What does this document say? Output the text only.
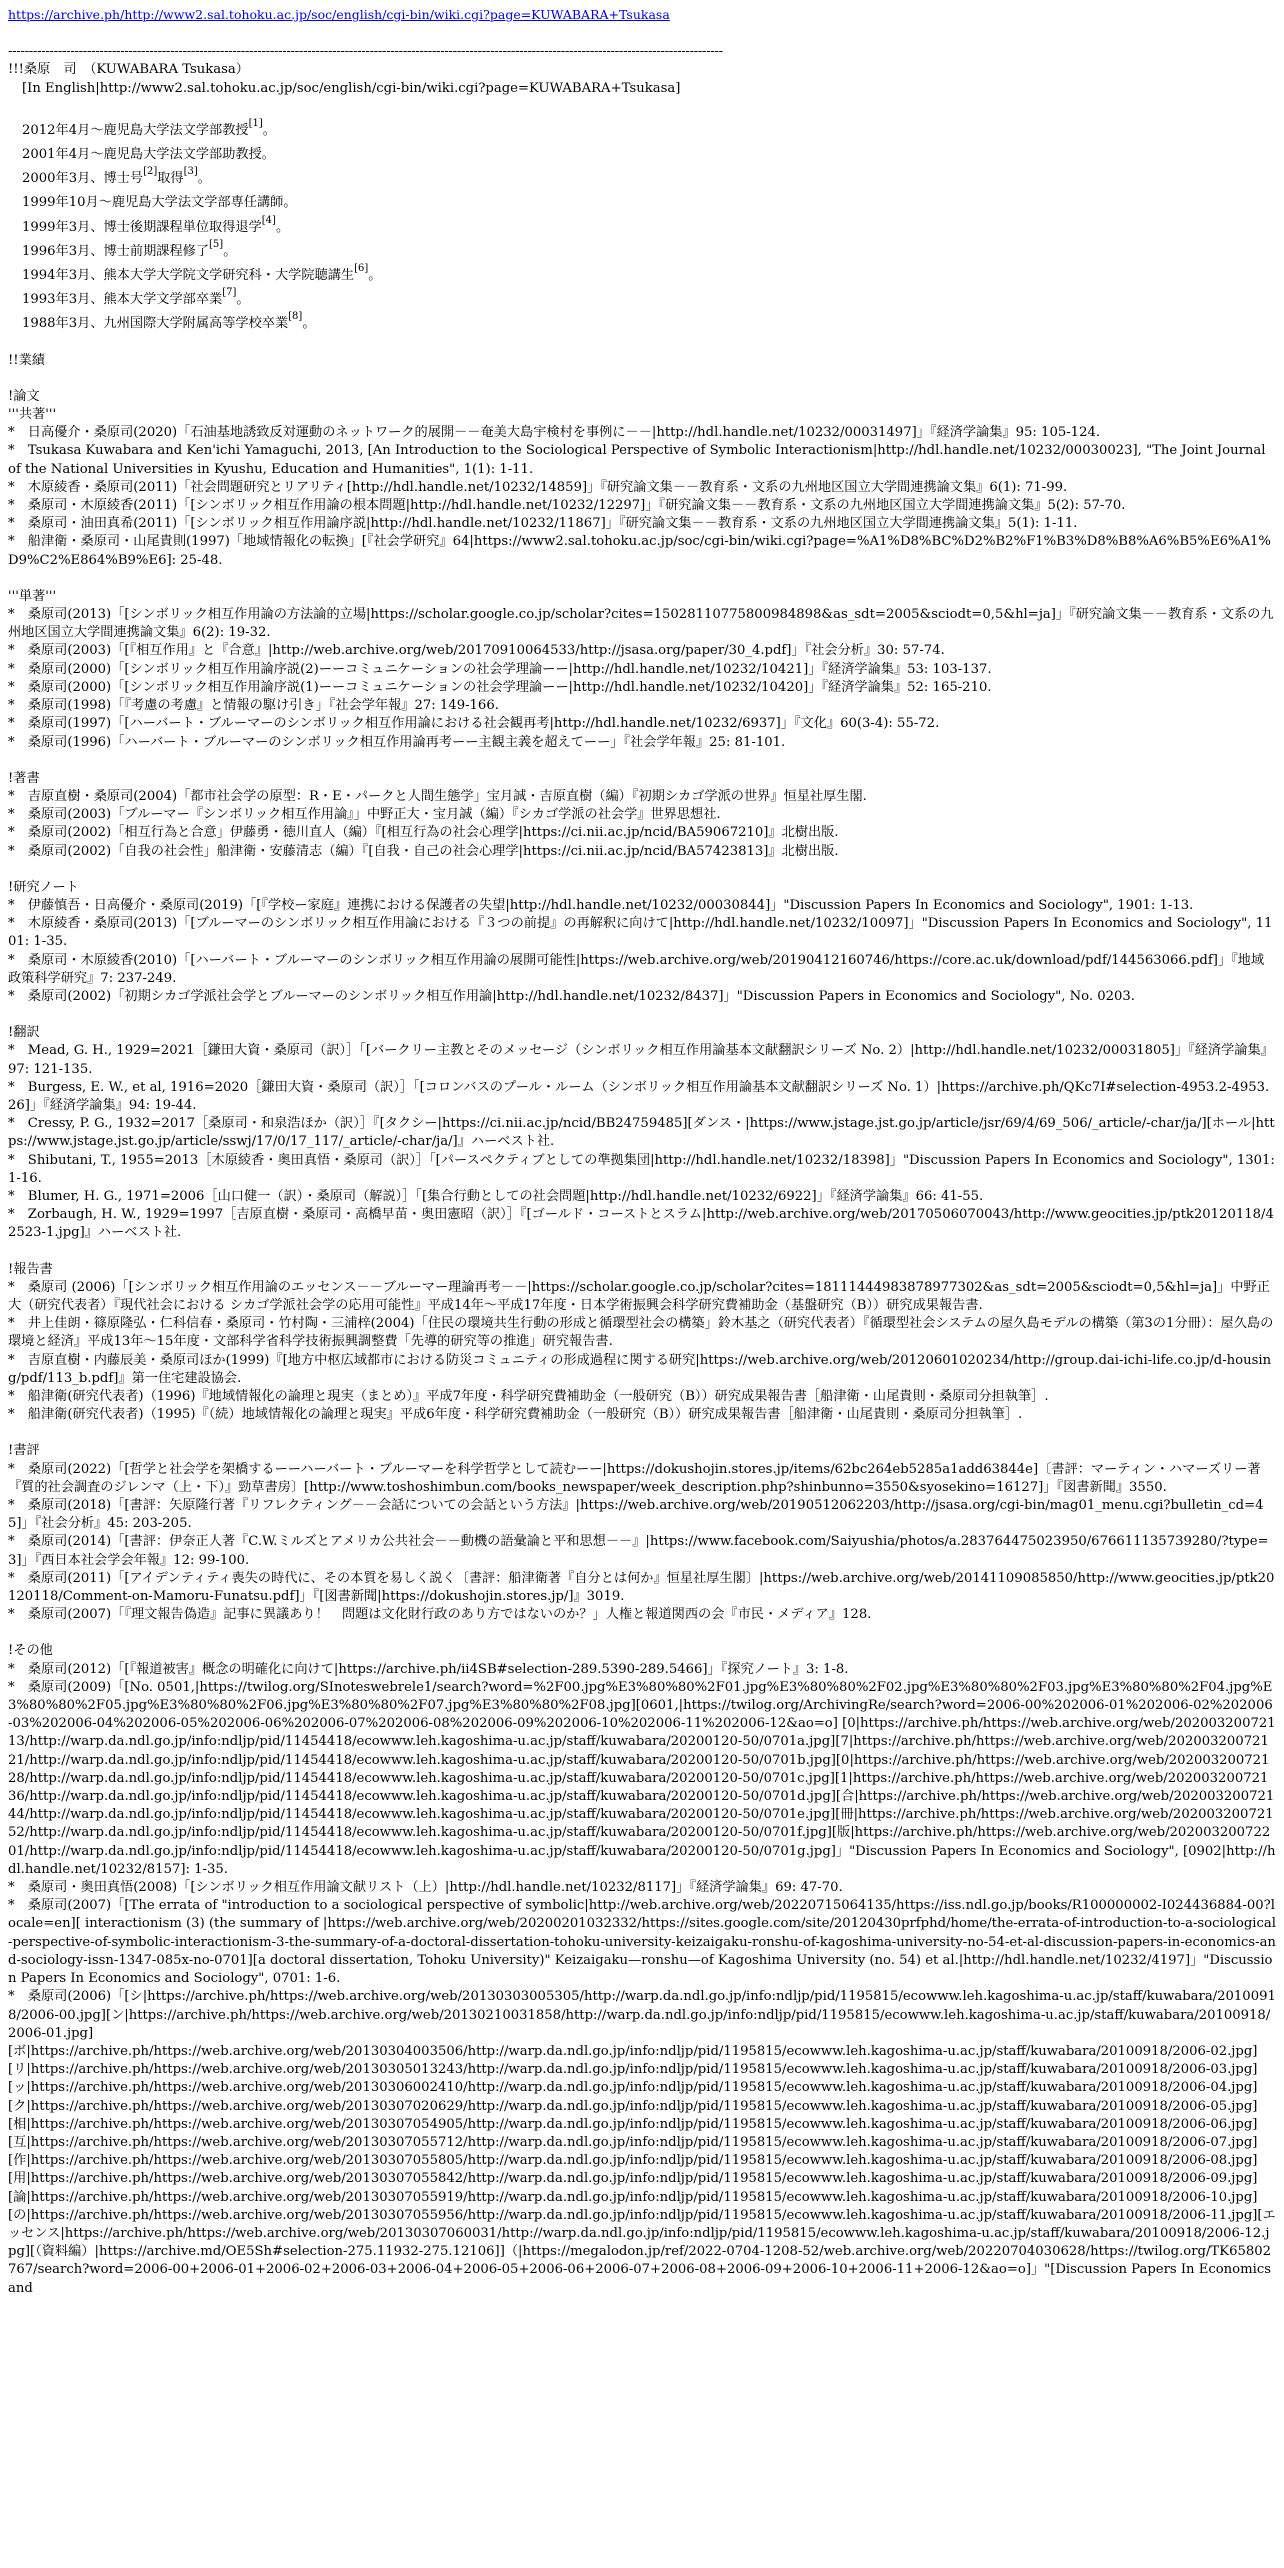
https://archive.ph/http://www2.sal.tohoku.ac.jp/soc/english/cgi-bin/wiki.cgi?page=KUWABARA+Tsukasa
----------------------------------------------------------------------------------------------------------------------------------------------------------------------------

!!!桑原　司　（KUWABARA Tsukasa）

[In English|http://www2.sal.tohoku.ac.jp/soc/english/cgi-bin/wiki.cgi?page=KUWABARA+Tsukasa]

2012年4月～鹿児島大学法文学部教授[1]。
2001年4月～鹿児島大学法文学部助教授。
2000年3月、博士号[2]取得[3]。
1999年10月～鹿児島大学法文学部専任講師。
1999年3月、博士後期課程単位取得退学[4]。
1996年3月、博士前期課程修了[5]。
1994年3月、熊本大学大学院文学研究科・大学院聴講生[6]。
1993年3月、熊本大学文学部卒業[7]。
1988年3月、九州国際大学附属高等学校卒業[8]。

!!業績

!論文

'''共著'''

*　日高優介・桑原司(2020)「石油基地誘致反対運動のネットワーク的展開－－奄美大島宇検村を事例に－－|http://hdl.handle.net/10232/00031497]」『経済学論集』95: 105-124.

*　Tsukasa Kuwabara and Ken'ichi Yamaguchi, 2013, [An Introduction to the Sociological Perspective of Symbolic Interactionism|http://hdl.handle.net/10232/00030023], "The Joint Journal of the National Universities in Kyushu, Education and Humanities", 1(1): 1-11.

*　木原綾香・桑原司(2011)「社会問題研究とリアリティ[http://hdl.handle.net/10232/14859]」『研究論文集－－教育系・文系の九州地区国立大学間連携論文集』6(1): 71-99.

*　桑原司・木原綾香(2011)「[シンボリック相互作用論の根本問題|http://hdl.handle.net/10232/12297]」『研究論文集－－教育系・文系の九州地区国立大学間連携論文集』5(2): 57-70.

*　桑原司・油田真希(2011)「[シンボリック相互作用論序説|http://hdl.handle.net/10232/11867]」『研究論文集－－教育系・文系の九州地区国立大学間連携論文集』5(1): 1-11.

*　船津衛・桑原司・山尾貴則(1997)「地域情報化の転換」[『社会学研究』64|https://www2.sal.tohoku.ac.jp/soc/cgi-bin/wiki.cgi?page=%A1%D8%BC%D2%B2%F1%B3%D8%B8%A6%B5%E6%A1%D9%C2%E864%B9%E6]: 25-48.

'''単著'''

*　桑原司(2013)「[シンボリック相互作用論の方法論的立場|https://scholar.google.co.jp/scholar?cites=15028110775800984898&as_sdt=2005&sciodt=0,5&hl=ja]」『研究論文集－－教育系・文系の九州地区国立大学間連携論文集』6(2): 19-32.

*　桑原司(2003)「[『相互作用』と『合意』|http://web.archive.org/web/20170910064533/http://jsasa.org/paper/30_4.pdf]」『社会分析』30: 57-74.

*　桑原司(2000)「[シンボリック相互作用論序説(2)ーーコミュニケーションの社会学理論ーー|http://hdl.handle.net/10232/10421]」『経済学論集』53: 103-137.

*　桑原司(2000)「[シンボリック相互作用論序説(1)ーーコミュニケーションの社会学理論ーー|http://hdl.handle.net/10232/10420]」『経済学論集』52: 165-210.

*　桑原司(1998)「『考慮の考慮』と情報の駆け引き」『社会学年報』27: 149-166.

*　桑原司(1997)「[ハーバート・ブルーマーのシンボリック相互作用論における社会観再考|http://hdl.handle.net/10232/6937]」『文化』60(3-4): 55-72.

*　桑原司(1996)「ハーバート・ブルーマーのシンボリック相互作用論再考ーー主観主義を超えてーー」『社会学年報』25: 81-101.

!著書

*　吉原直樹・桑原司(2004)「都市社会学の原型：R・E・パークと人間生態学」宝月誠・吉原直樹（編）『初期シカゴ学派の世界』恒星社厚生閣.

*　桑原司(2003)「ブルーマー『シンボリック相互作用論』」中野正大・宝月誠（編）『シカゴ学派の社会学』世界思想社.

*　桑原司(2002)「相互行為と合意」伊藤勇・徳川直人（編）『[相互行為の社会心理学|https://ci.nii.ac.jp/ncid/BA59067210]』北樹出版.

*　桑原司(2002)「自我の社会性」船津衛・安藤清志（編）『[自我・自己の社会心理学|https://ci.nii.ac.jp/ncid/BA57423813]』北樹出版.

!研究ノート

*　伊藤慎吾・日高優介・桑原司(2019)「[『学校ー家庭』連携における保護者の失望|http://hdl.handle.net/10232/00030844]」"Discussion Papers In Economics and Sociology", 1901: 1-13.

*　木原綾香・桑原司(2013)「[ブルーマーのシンボリック相互作用論における『３つの前提』の再解釈に向けて|http://hdl.handle.net/10232/10097]」"Discussion Papers In Economics and Sociology", 1101: 1-35.

*　桑原司・木原綾香(2010)「[ハーバート・ブルーマーのシンボリック相互作用論の展開可能性|https://web.archive.org/web/20190412160746/https://core.ac.uk/download/pdf/144563066.pdf]」『地域政策科学研究』7: 237-249.

*　桑原司(2002)「初期シカゴ学派社会学とブルーマーのシンボリック相互作用論|http://hdl.handle.net/10232/8437]」"Discussion Papers in Economics and Sociology", No. 0203.

!翻訳

*　Mead, G. H., 1929=2021［鎌田大資・桑原司（訳）］「[バークリー主教とそのメッセージ（シンボリック相互作用論基本文献翻訳シリーズ No. 2）|http://hdl.handle.net/10232/00031805]」『経済学論集』97: 121-135.

*　Burgess, E. W., et al, 1916=2020［鎌田大資・桑原司（訳）］「[コロンバスのプール・ルーム（シンボリック相互作用論基本文献翻訳シリーズ No. 1）|https://archive.ph/QKc7I#selection-4953.2-4953.26]」『経済学論集』94: 19-44.

*　Cressy, P. G., 1932=2017［桑原司・和泉浩ほか（訳）］『[タクシー|https://ci.nii.ac.jp/ncid/BB24759485][ダンス・|https://www.jstage.jst.go.jp/article/jsr/69/4/69_506/_article/-char/ja/][ホール|https://www.jstage.jst.go.jp/article/sswj/17/0/17_117/_article/-char/ja/]』ハーベスト社.

*　Shibutani, T., 1955=2013［木原綾香・奥田真悟・桑原司（訳）］「[パースペクティブとしての準拠集団|http://hdl.handle.net/10232/18398]」"Discussion Papers In Economics and Sociology", 1301: 1-16.

*　Blumer, H. G., 1971=2006［山口健一（訳）・桑原司（解説）］「[集合行動としての社会問題|http://hdl.handle.net/10232/6922]」『経済学論集』66: 41-55.

*　Zorbaugh, H. W., 1929=1997［吉原直樹・桑原司・高橋早苗・奥田憲昭（訳）］『[ゴールド・コーストとスラム|http://web.archive.org/web/20170506070043/http://www.geocities.jp/ptk20120118/42523-1.jpg]』ハーベスト社.

!報告書

*　桑原司 (2006)「[シンボリック相互作用論のエッセンス－－ブルーマー理論再考－－|https://scholar.google.co.jp/scholar?cites=18111444983878977302&as_sdt=2005&sciodt=0,5&hl=ja]」中野正大（研究代表者）『現代社会における シカゴ学派社会学の応用可能性』平成14年～平成17年度・日本学術振興会科学研究費補助金（基盤研究（B））研究成果報告書.

*　井上佳朗・篠原隆弘・仁科信春・桑原司・竹村陶・三浦梓(2004)「住民の環境共生行動の形成と循環型社会の構築」鈴木基之（研究代表者）『循環型社会システムの屋久島モデルの構築（第3の1分冊）：屋久島の環境と経済』平成13年～15年度・文部科学省科学技術振興調整費「先導的研究等の推進」研究報告書.

*　吉原直樹・内藤辰美・桑原司ほか(1999)『[地方中枢広域都市における防災コミュニティの形成過程に関する研究|https://web.archive.org/web/20120601020234/http://group.dai-ichi-life.co.jp/d-housing/pdf/113_b.pdf]』第一住宅建設協会.

*　船津衛(研究代表者)（1996)『地域情報化の論理と現実（まとめ）』平成7年度・科学研究費補助金（一般研究（B））研究成果報告書［船津衛・山尾貴則・桑原司分担執筆］.

*　船津衛(研究代表者)（1995)『（続）地域情報化の論理と現実』平成6年度・科学研究費補助金（一般研究（B））研究成果報告書［船津衛・山尾貴則・桑原司分担執筆］.

!書評

*　桑原司(2022)「[哲学と社会学を架橋するーーハーバート・ブルーマーを科学哲学として読むーー|https://dokushojin.stores.jp/items/62bc264eb5285a1add63844e]〔書評：マーティン・ハマーズリー著『質的社会調査のジレンマ（上・下）』勁草書房〕[http://www.toshoshimbun.com/books_newspaper/week_description.php?shinbunno=3550&syosekino=16127]」『図書新聞』3550.

*　桑原司(2018)「[書評：矢原隆行著『リフレクティング－－会話についての会話という方法』|https://web.archive.org/web/20190512062203/http://jsasa.org/cgi-bin/mag01_menu.cgi?bulletin_cd=45]」『社会分析』45: 203-205.

*　桑原司(2014)「[書評：伊奈正人著『C.W.ミルズとアメリカ公共社会－－動機の語彙論と平和思想－－』|https://www.facebook.com/Saiyushia/photos/a.283764475023950/676611135739280/?type=3]」『西日本社会学会年報』12: 99-100.

*　桑原司(2011)「[アイデンティティ喪失の時代に、その本質を易しく説く〔書評：船津衛著『自分とは何か』恒星社厚生閣〕|https://web.archive.org/web/20141109085850/http://www.geocities.jp/ptk20120118/Comment-on-Mamoru-Funatsu.pdf]」『[図書新聞|https://dokushojin.stores.jp/]』3019.

*　桑原司(2007)「『理文報告偽造』記事に異議あり！　問題は文化財行政のあり方ではないのか？」人権と報道関西の会『市民・メディア』128.

!その他

*　桑原司(2012)「[『報道被害』概念の明確化に向けて|https://archive.ph/ii4SB#selection-289.5390-289.5466]」『探究ノート』3: 1-8.

*　桑原司(2009)「[No. 0501,|https://twilog.org/SInoteswebrele1/search?word=%2F00.jpg%E3%80%80%2F01.jpg%E3%80%80%2F02.jpg%E3%80%80%2F03.jpg%E3%80%80%2F04.jpg%E3%80%80%2F05.jpg%E3%80%80%2F06.jpg%E3%80%80%2F07.jpg%E3%80%80%2F08.jpg][0601,|https://twilog.org/ArchivingRe/search?word=2006-00%202006-01%202006-02%202006-03%202006-04%202006-05%202006-06%202006-07%202006-08%202006-09%202006-10%202006-11%202006-12&ao=o] [0|https://archive.ph/https://web.archive.org/web/20200320072113/http://warp.da.ndl.go.jp/info:ndljp/pid/11454418/ecowww.leh.kagoshima-u.ac.jp/staff/kuwabara/20200120-50/0701a.jpg][7|https://archive.ph/https://web.archive.org/web/20200320072121/http://warp.da.ndl.go.jp/info:ndljp/pid/11454418/ecowww.leh.kagoshima-u.ac.jp/staff/kuwabara/20200120-50/0701b.jpg][0|https://archive.ph/https://web.archive.org/web/20200320072128/http://warp.da.ndl.go.jp/info:ndljp/pid/11454418/ecowww.leh.kagoshima-u.ac.jp/staff/kuwabara/20200120-50/0701c.jpg][1|https://archive.ph/https://web.archive.org/web/20200320072136/http://warp.da.ndl.go.jp/info:ndljp/pid/11454418/ecowww.leh.kagoshima-u.ac.jp/staff/kuwabara/20200120-50/0701d.jpg][合|https://archive.ph/https://web.archive.org/web/20200320072144/http://warp.da.ndl.go.jp/info:ndljp/pid/11454418/ecowww.leh.kagoshima-u.ac.jp/staff/kuwabara/20200120-50/0701e.jpg][冊|https://archive.ph/https://web.archive.org/web/20200320072152/http://warp.da.ndl.go.jp/info:ndljp/pid/11454418/ecowww.leh.kagoshima-u.ac.jp/staff/kuwabara/20200120-50/0701f.jpg][版|https://archive.ph/https://web.archive.org/web/20200320072201/http://warp.da.ndl.go.jp/info:ndljp/pid/11454418/ecowww.leh.kagoshima-u.ac.jp/staff/kuwabara/20200120-50/0701g.jpg]」"Discussion Papers In Economics and Sociology", [0902|http://hdl.handle.net/10232/8157]: 1-35.

*　桑原司・奥田真悟(2008)「[シンボリック相互作用論文献リスト（上）|http://hdl.handle.net/10232/8117]」『経済学論集』69: 47-70.

*　桑原司(2007)「[The errata of "introduction to a sociological perspective of symbolic|http://web.archive.org/web/20220715064135/https://iss.ndl.go.jp/books/R100000002-I024436884-00?locale=en][ interactionism (3) (the summary of |https://web.archive.org/web/20200201032332/https://sites.google.com/site/20120430prfphd/home/the-errata-of-introduction-to-a-sociological-perspective-of-symbolic-interactionism-3-the-summary-of-a-doctoral-dissertation-tohoku-university-keizaigaku-ronshu-of-kagoshima-university-no-54-et-al-discussion-papers-in-economics-and-sociology-issn-1347-085x-no-0701][a doctoral dissertation, Tohoku University)" Keizaigaku—ronshu—of Kagoshima University (no. 54) et al.|http://hdl.handle.net/10232/4197]」"Discussion Papers In Economics and Sociology", 0701: 1-6.

*　桑原司(2006)「[シ|https://archive.ph/https://web.archive.org/web/20130303005305/http://warp.da.ndl.go.jp/info:ndljp/pid/1195815/ecowww.leh.kagoshima-u.ac.jp/staff/kuwabara/20100918/2006-00.jpg][ン|https://archive.ph/https://web.archive.org/web/20130210031858/http://warp.da.ndl.go.jp/info:ndljp/pid/1195815/ecowww.leh.kagoshima-u.ac.jp/staff/kuwabara/20100918/2006-01.jpg]

[ボ|https://archive.ph/https://web.archive.org/web/20130304003506/http://warp.da.ndl.go.jp/info:ndljp/pid/1195815/ecowww.leh.kagoshima-u.ac.jp/staff/kuwabara/20100918/2006-02.jpg]

[リ|https://archive.ph/https://web.archive.org/web/20130305013243/http://warp.da.ndl.go.jp/info:ndljp/pid/1195815/ecowww.leh.kagoshima-u.ac.jp/staff/kuwabara/20100918/2006-03.jpg]

[ッ|https://archive.ph/https://web.archive.org/web/20130306002410/http://warp.da.ndl.go.jp/info:ndljp/pid/1195815/ecowww.leh.kagoshima-u.ac.jp/staff/kuwabara/20100918/2006-04.jpg]

[ク|https://archive.ph/https://web.archive.org/web/20130307020629/http://warp.da.ndl.go.jp/info:ndljp/pid/1195815/ecowww.leh.kagoshima-u.ac.jp/staff/kuwabara/20100918/2006-05.jpg]

[相|https://archive.ph/https://web.archive.org/web/20130307054905/http://warp.da.ndl.go.jp/info:ndljp/pid/1195815/ecowww.leh.kagoshima-u.ac.jp/staff/kuwabara/20100918/2006-06.jpg]

[互|https://archive.ph/https://web.archive.org/web/20130307055712/http://warp.da.ndl.go.jp/info:ndljp/pid/1195815/ecowww.leh.kagoshima-u.ac.jp/staff/kuwabara/20100918/2006-07.jpg]

[作|https://archive.ph/https://web.archive.org/web/20130307055805/http://warp.da.ndl.go.jp/info:ndljp/pid/1195815/ecowww.leh.kagoshima-u.ac.jp/staff/kuwabara/20100918/2006-08.jpg]

[用|https://archive.ph/https://web.archive.org/web/20130307055842/http://warp.da.ndl.go.jp/info:ndljp/pid/1195815/ecowww.leh.kagoshima-u.ac.jp/staff/kuwabara/20100918/2006-09.jpg]

[論|https://archive.ph/https://web.archive.org/web/20130307055919/http://warp.da.ndl.go.jp/info:ndljp/pid/1195815/ecowww.leh.kagoshima-u.ac.jp/staff/kuwabara/20100918/2006-10.jpg]

[の|https://archive.ph/https://web.archive.org/web/20130307055956/http://warp.da.ndl.go.jp/info:ndljp/pid/1195815/ecowww.leh.kagoshima-u.ac.jp/staff/kuwabara/20100918/2006-11.jpg][エッセンス|https://archive.ph/https://web.archive.org/web/20130307060031/http://warp.da.ndl.go.jp/info:ndljp/pid/1195815/ecowww.leh.kagoshima-u.ac.jp/staff/kuwabara/20100918/2006-12.jpg][（資料編）|https://archive.md/OE5Sh#selection-275.11932-275.12106]]（|https://megalodon.jp/ref/2022-0704-1208-52/web.archive.org/web/20220704030628/https://twilog.org/TK65802767/search?word=2006-00+2006-01+2006-02+2006-03+2006-04+2006-05+2006-06+2006-07+2006-08+2006-09+2006-10+2006-11+2006-12&ao=o]」"[Discussion Papers In Economics and
